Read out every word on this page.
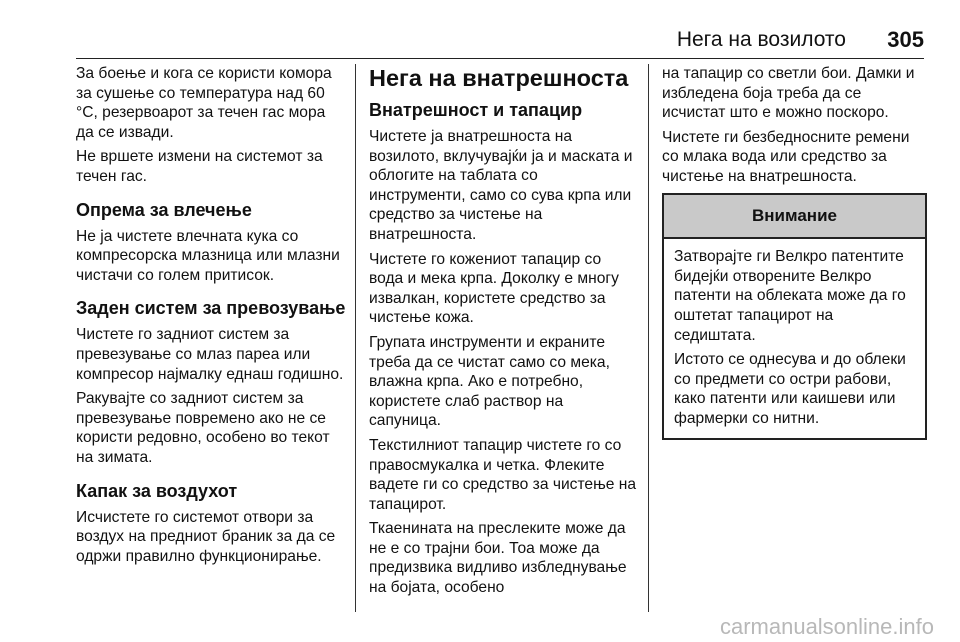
Нега на возилото 305

За боење и кога се користи комора за сушење со температура над 60 °C, резервоарот за течен гас мора да се извади.

Не вршете измени на системот за течен гас.

Опрема за влечење

Не ја чистете влечната кука со компресорска млазница или млазни чистачи со голем притисок.

Заден систем за превозување

Чистете го задниот систем за превезување со млаз пареа или компресор најмалку еднаш годишно.

Ракувајте со задниот систем за превезување повремено ако не се користи редовно, особено во текот на зимата.

Капак за воздухот

Исчистете го системот отвори за воздух на предниот браник за да се одржи правилно функционирање.

Нега на внатрешноста
Внатрешност и тапацир

Чистете ја внатрешноста на возилото, вклучувајќи ја и маската и облогите на таблата со инструменти, само со сува крпа или средство за чистење на внатрешноста.

Чистете го кожениот тапацир со вода и мека крпа. Доколку е многу извалкан, користете средство за чистење кожа.

Групата инструменти и екраните треба да се чистат само со мека, влажна крпа. Ако е потребно, користете слаб раствор на сапуница.

Текстилниот тапацир чистете го со правосмукалка и четка. Флеките вадете ги со средство за чистење на тапацирот.

Ткаенината на преслеките може да не е со трајни бои. Тоа може да предизвика видливо избледнување на бојата, особено

на тапацир со светли бои. Дамки и избледена боја треба да се исчистат што е можно поскоро.

Чистете ги безбедносните ремени со млака вода или средство за чистење на внатрешноста.

Внимание

Затворајте ги Велкро патентите бидејќи отворените Велкро патенти на облеката може да го оштетат тапацирот на седиштата.

Истото се однесува и до облеки со предмети со остри рабови, како патенти или каишеви или фармерки со нитни.

carmanualsonline.info
